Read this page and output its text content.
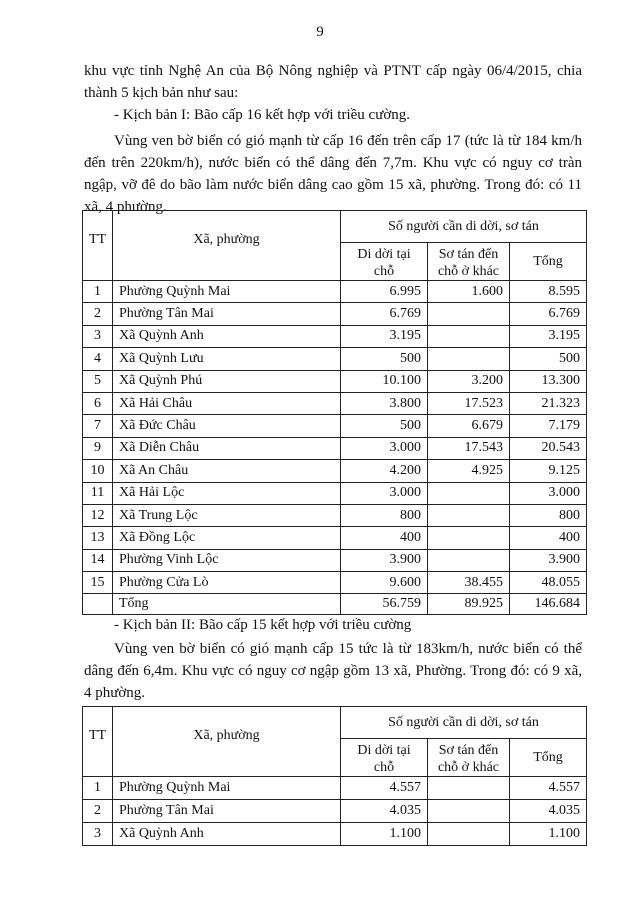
9
khu vực tỉnh Nghệ An của Bộ Nông nghiệp và PTNT cấp ngày 06/4/2015, chia thành 5 kịch bản như sau:
- Kịch bản I: Bão cấp 16 kết hợp với triều cường.
Vùng ven bờ biển có gió mạnh từ cấp 16 đến trên cấp 17 (tức là từ 184 km/h đến trên 220km/h), nước biển có thể dâng đến 7,7m. Khu vực có nguy cơ tràn ngập, vỡ đê do bão làm nước biển dâng cao gồm 15 xã, phường. Trong đó: có 11 xã, 4 phường.
TT	Xã, phường	Số người cần di dời, sơ tán		
		Di dời tại chỗ	Sơ tán đến chỗ ở khác	Tổng
1	Phường Quỳnh Mai	6.995	1.600	8.595
2	Phường Tân Mai	6.769		6.769
3	Xã Quỳnh Anh	3.195		3.195
4	Xã Quỳnh Lưu	500		500
5	Xã Quỳnh Phú	10.100	3.200	13.300
6	Xã Hải Châu	3.800	17.523	21.323
7	Xã Đức Châu	500	6.679	7.179
9	Xã Diễn Châu	3.000	17.543	20.543
10	Xã An Châu	4.200	4.925	9.125
11	Xã Hải Lộc	3.000		3.000
12	Xã Trung Lộc	800		800
13	Xã Đồng Lộc	400		400
14	Phường Vinh Lộc	3.900		3.900
15	Phường Cửa Lò	9.600	38.455	48.055
	Tổng	56.759	89.925	146.684
- Kịch bản II: Bão cấp 15 kết hợp với triều cường
Vùng ven bờ biển có gió mạnh cấp 15 tức là từ 183km/h, nước biển có thể dâng đến 6,4m. Khu vực có nguy cơ ngập gồm 13 xã, Phường. Trong đó: có 9 xã, 4 phường.
TT	Xã, phường	Số người cần di dời, sơ tán		
		Di dời tại chỗ	Sơ tán đến chỗ ở khác	Tổng
1	Phường Quỳnh Mai	4.557		4.557
2	Phường Tân Mai	4.035		4.035
3	Xã Quỳnh Anh	1.100		1.100
